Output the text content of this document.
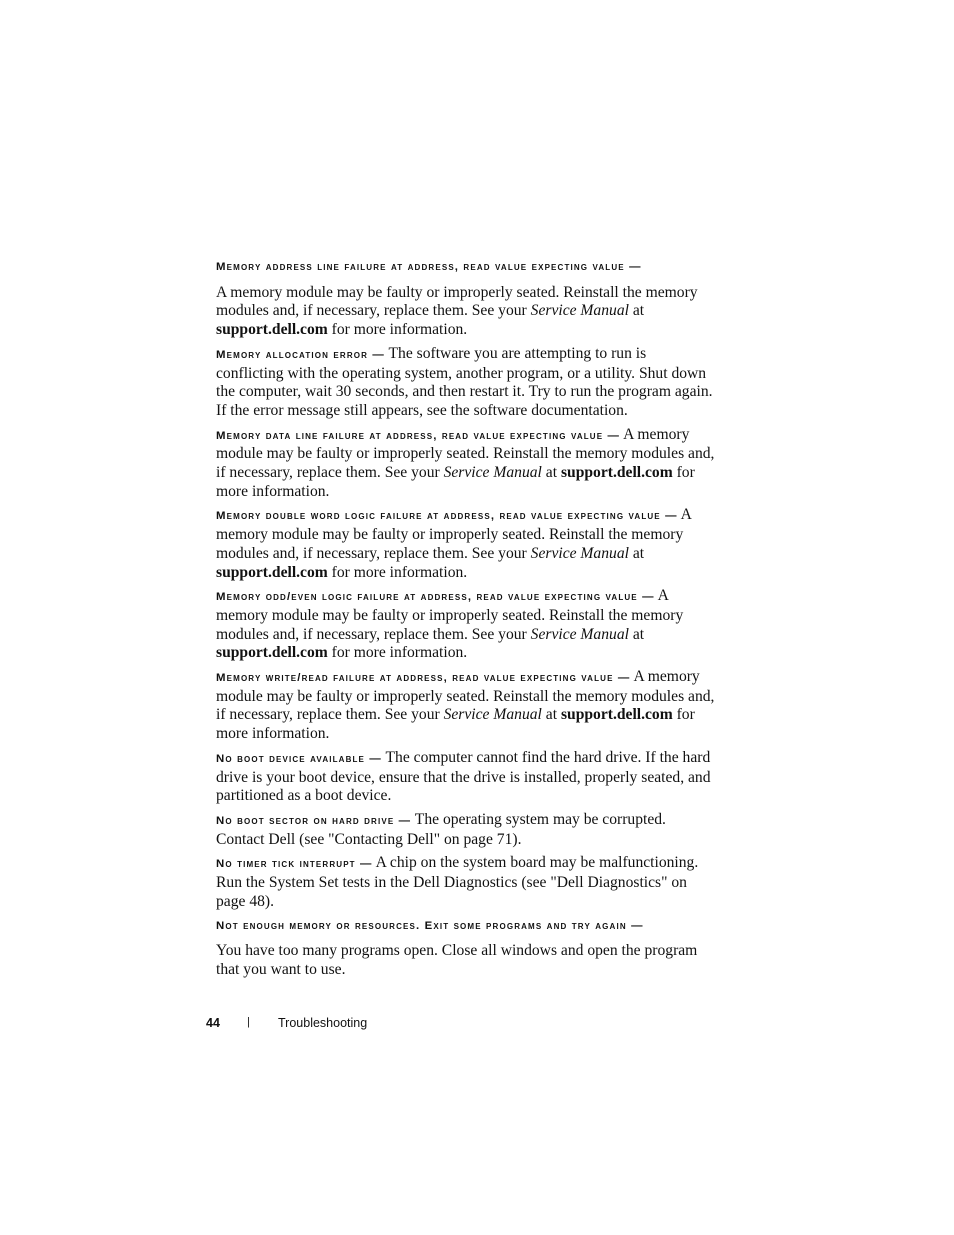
Memory address line failure at address, read value expecting value —

A memory module may be faulty or improperly seated. Reinstall the memory modules and, if necessary, replace them. See your Service Manual at support.dell.com for more information.

Memory allocation error — The software you are attempting to run is conflicting with the operating system, another program, or a utility. Shut down the computer, wait 30 seconds, and then restart it. Try to run the program again. If the error message still appears, see the software documentation.

Memory data line failure at address, read value expecting value — A memory module may be faulty or improperly seated. Reinstall the memory modules and, if necessary, replace them. See your Service Manual at support.dell.com for more information.

Memory double word logic failure at address, read value expecting value — A memory module may be faulty or improperly seated. Reinstall the memory modules and, if necessary, replace them. See your Service Manual at support.dell.com for more information.

Memory odd/even logic failure at address, read value expecting value — A memory module may be faulty or improperly seated. Reinstall the memory modules and, if necessary, replace them. See your Service Manual at support.dell.com for more information.

Memory write/read failure at address, read value expecting value — A memory module may be faulty or improperly seated. Reinstall the memory modules and, if necessary, replace them. See your Service Manual at support.dell.com for more information.

No boot device available — The computer cannot find the hard drive. If the hard drive is your boot device, ensure that the drive is installed, properly seated, and partitioned as a boot device.

No boot sector on hard drive — The operating system may be corrupted. Contact Dell (see "Contacting Dell" on page 71).

No timer tick interrupt — A chip on the system board may be malfunctioning. Run the System Set tests in the Dell Diagnostics (see "Dell Diagnostics" on page 48).

Not enough memory or resources. Exit some programs and try again —

You have too many programs open. Close all windows and open the program that you want to use.

44 | Troubleshooting
